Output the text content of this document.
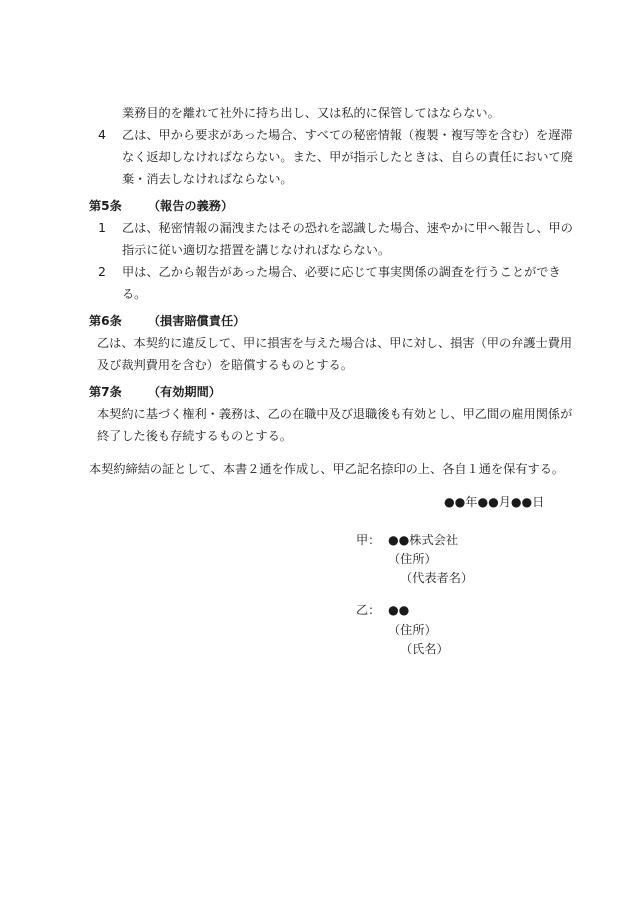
業務目的を離れて社外に持ち出し、又は私的に保管してはならない。
4	乙は、甲から要求があった場合、すべての秘密情報（複製・複写等を含む）を遅滞
なく返却しなければならない。また、甲が指示したときは、自らの責任において廃
棄・消去しなければならない。
第5条 （報告の義務）
1	乙は、秘密情報の漏洩またはその恐れを認識した場合、速やかに甲へ報告し、甲の
指示に従い適切な措置を講じなければならない。
2	甲は、乙から報告があった場合、必要に応じて事実関係の調査を行うことができ
る。
第6条 （損害賠償責任）
乙は、本契約に違反して、甲に損害を与えた場合は、甲に対し、損害（甲の弁護士費用
及び裁判費用を含む）を賠償するものとする。
第7条 （有効期間）
本契約に基づく権利・義務は、乙の在職中及び退職後も有効とし、甲乙間の雇用関係が
終了した後も存続するものとする。
本契約締結の証として、本書２通を作成し、甲乙記名捺印の上、各自１通を保有する。
●●年●●月●●日
甲： ●●株式会社
（住所）
（代表者名）
乙： ●●
（住所）
（氏名）
